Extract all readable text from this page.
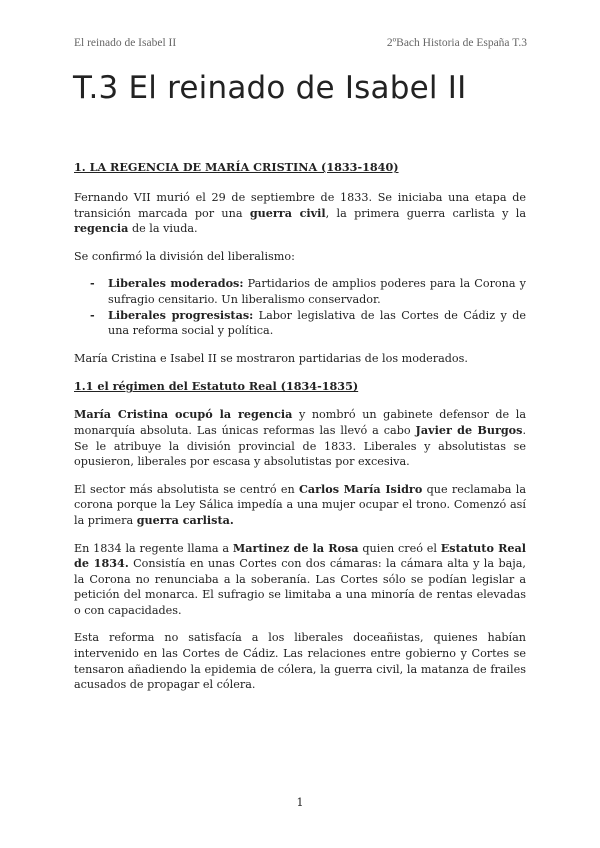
El reinado de Isabel II	2ºBach Historia de España T.3
T.3 El reinado de Isabel II
1. LA REGENCIA DE MARÍA CRISTINA (1833-1840)

Fernando VII murió el 29 de septiembre de 1833. Se iniciaba una etapa de transición marcada por una guerra civil, la primera guerra carlista y la regencia de la viuda.

Se confirmó la división del liberalismo:

- Liberales moderados: Partidarios de amplios poderes para la Corona y sufragio censitario. Un liberalismo conservador.
- Liberales progresistas: Labor legislativa de las Cortes de Cádiz y de una reforma social y política.

María Cristina e Isabel II se mostraron partidarias de los moderados.

1.1 el régimen del Estatuto Real (1834-1835)

María Cristina ocupó la regencia y nombró un gabinete defensor de la monarquía absoluta. Las únicas reformas las llevó a cabo Javier de Burgos. Se le atribuye la división provincial de 1833. Liberales y absolutistas se opusieron, liberales por escasa y absolutistas por excesiva.

El sector más absolutista se centró en Carlos María Isidro que reclamaba la corona porque la Ley Sálica impedía a una mujer ocupar el trono. Comenzó así la primera guerra carlista.

En 1834 la regente llama a Martinez de la Rosa quien creó el Estatuto Real de 1834. Consistía en unas Cortes con dos cámaras: la cámara alta y la baja, la Corona no renunciaba a la soberanía. Las Cortes sólo se podían legislar a petición del monarca. El sufragio se limitaba a una minoría de rentas elevadas o con capacidades.

Esta reforma no satisfacía a los liberales doceañistas, quienes habían intervenido en las Cortes de Cádiz. Las relaciones entre gobierno y Cortes se tensaron añadiendo la epidemia de cólera, la guerra civil, la matanza de frailes acusados de propagar el cólera.

1
